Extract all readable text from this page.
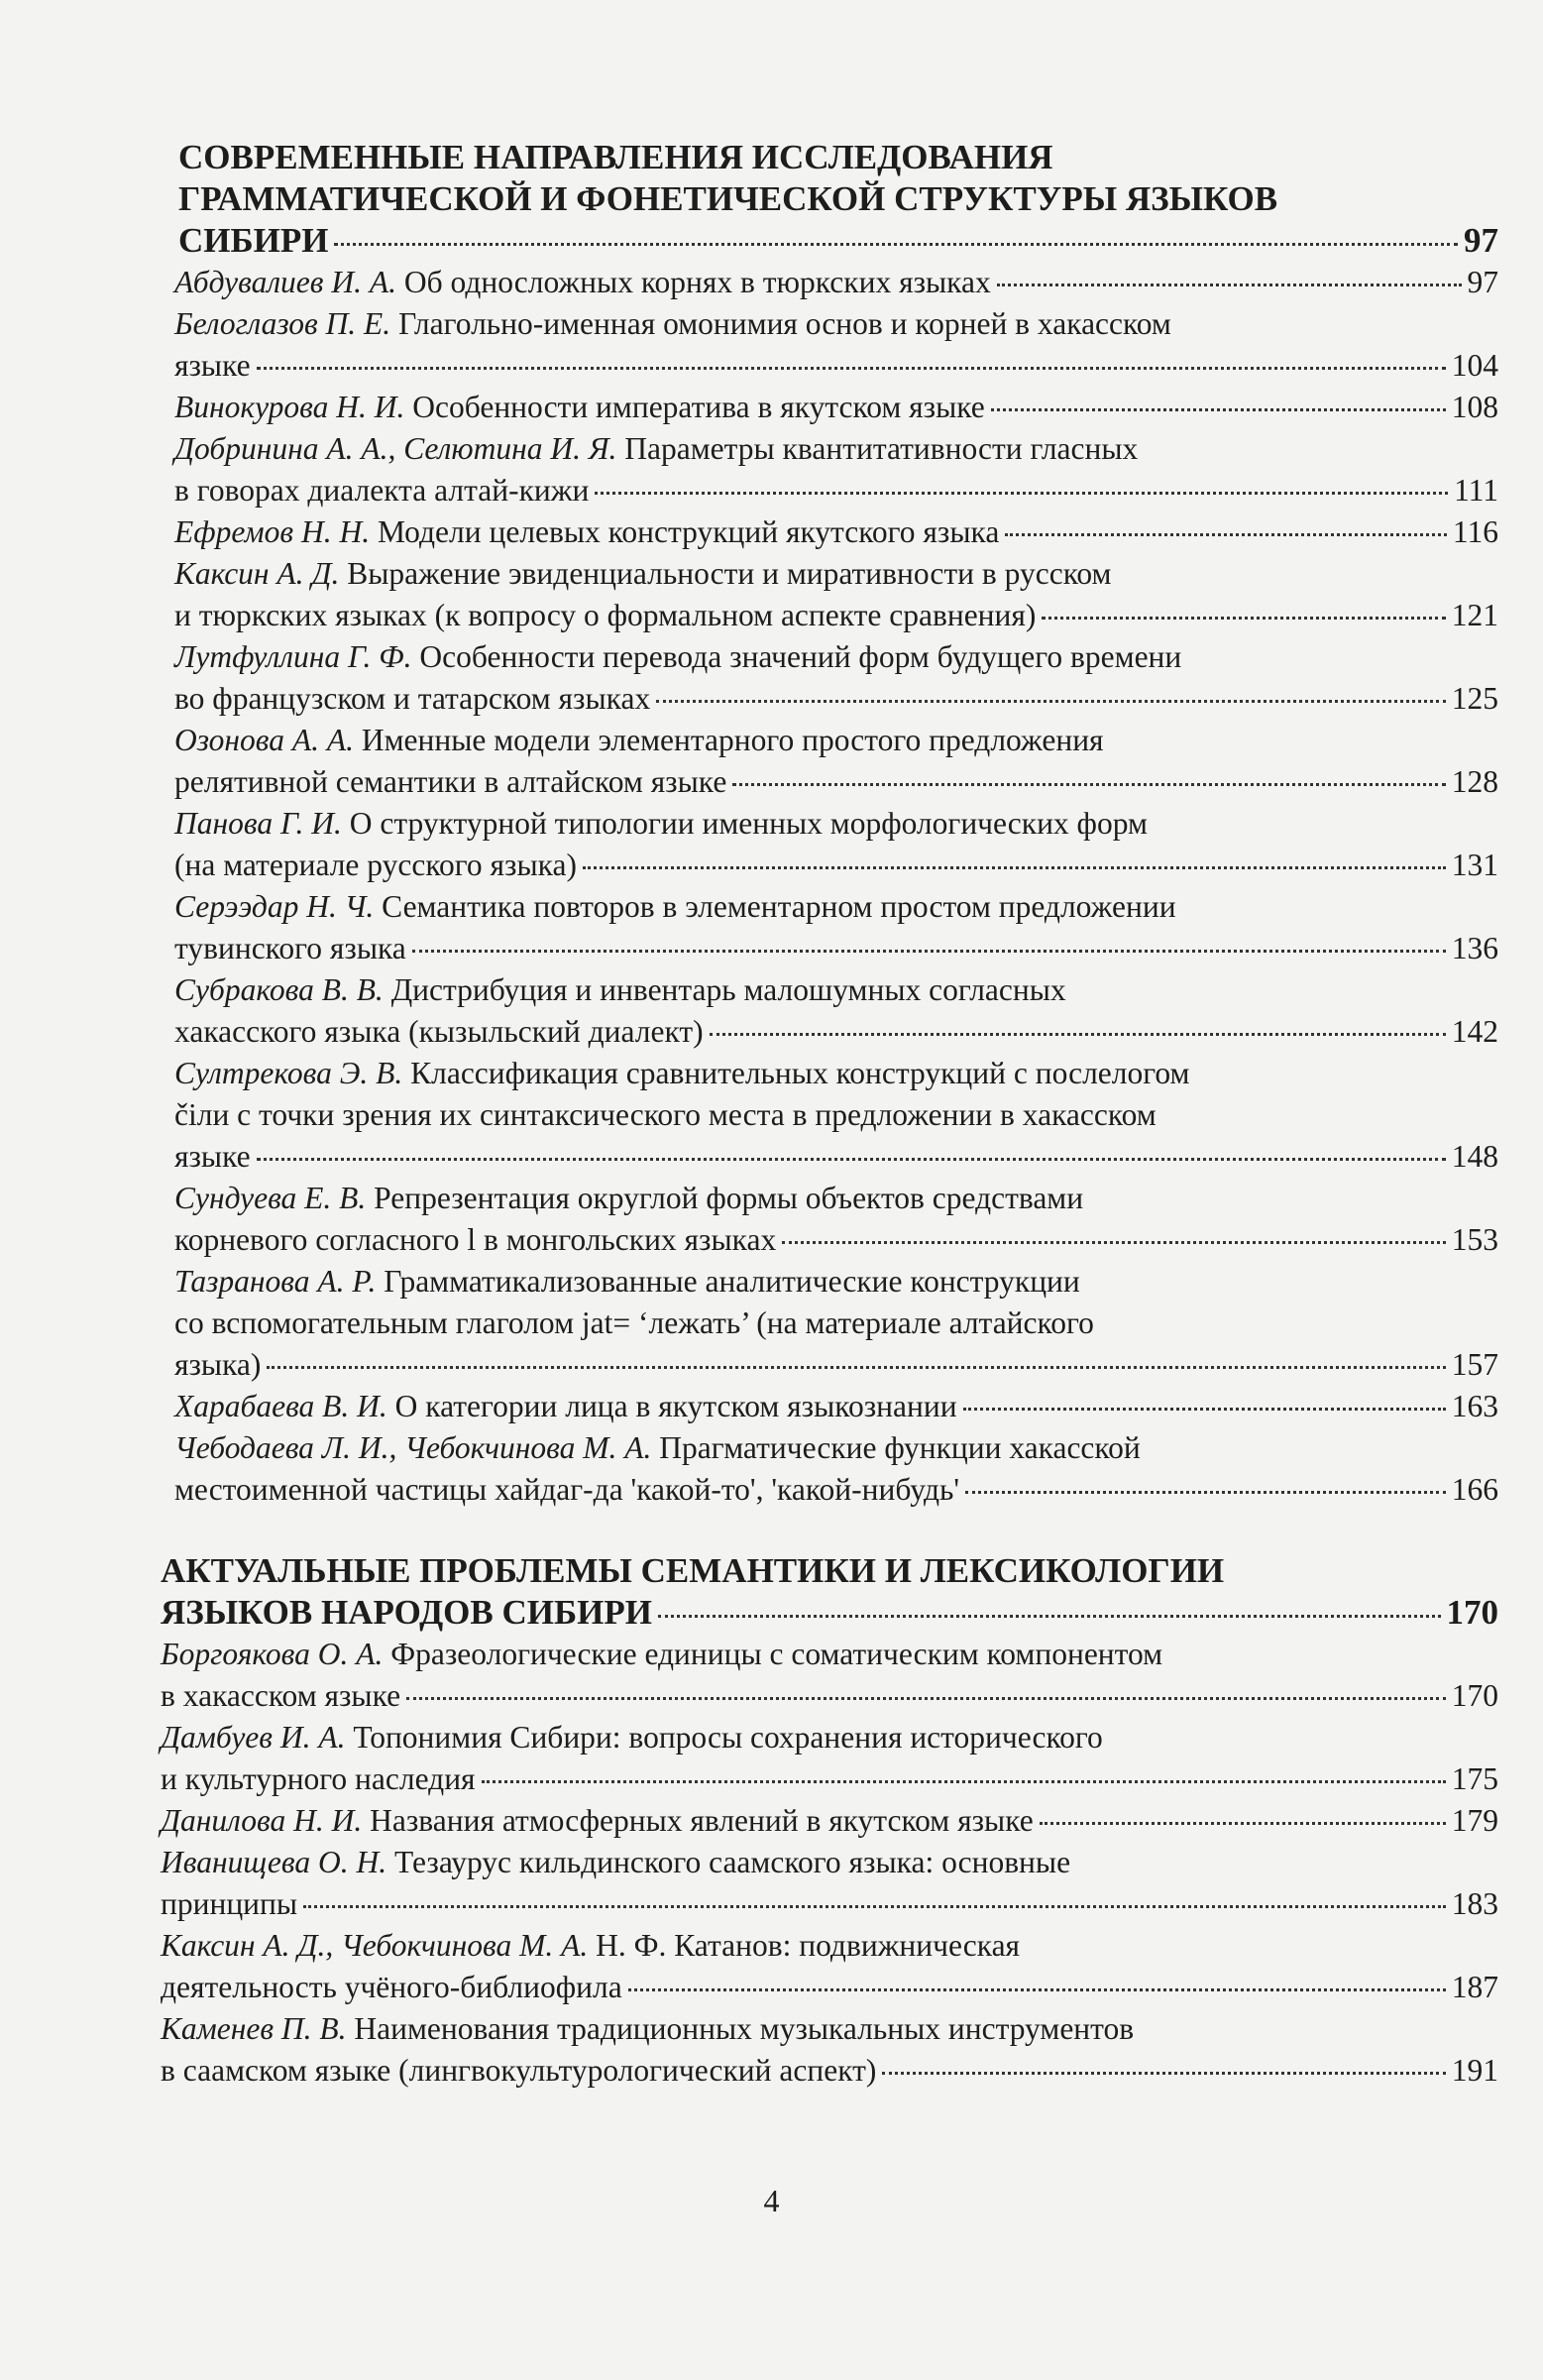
СОВРЕМЕННЫЕ НАПРАВЛЕНИЯ ИССЛЕДОВАНИЯ
ГРАММАТИЧЕСКОЙ И ФОНЕТИЧЕСКОЙ СТРУКТУРЫ ЯЗЫКОВ
СИБИРИ	97
Абдувалиев И. А. Об односложных корнях в тюркских языках	97
Белоглазов П. Е. Глагольно-именная омонимия основ и корней в хакасском
языке	104
Винокурова Н. И. Особенности императива в якутском языке	108
Добринина А. А., Селютина И. Я. Параметры квантитативности гласных
в говорах диалекта алтай-кижи	111
Ефремов Н. Н. Модели целевых конструкций якутского языка	116
Каксин А. Д. Выражение эвиденциальности и миративности в русском
и тюркских языках (к вопросу о формальном аспекте сравнения)	121
Лутфуллина Г. Ф. Особенности перевода значений форм будущего времени
во французском и татарском языках	125
Озонова А. А. Именные модели элементарного простого предложения
релятивной семантики в алтайском языке	128
Панова Г. И. О структурной типологии именных морфологических форм
(на материале русского языка)	131
Серээдар Н. Ч. Семантика повторов в элементарном простом предложении
тувинского языка	136
Субракова В. В. Дистрибуция и инвентарь малошумных согласных
хакасского языка (кызыльский диалект)	142
Султрекова Э. В. Классификация сравнительных конструкций с послелогом
čiли с точки зрения их синтаксического места в предложении в хакасском
языке	148
Сундуева Е. В. Репрезентация округлой формы объектов средствами
корневого согласного l в монгольских языках	153
Тазранова А. Р. Грамматикализованные аналитические конструкции
со вспомогательным глаголом jat= ‘лежать’ (на материале алтайского
языка)	157
Харабаева В. И. О категории лица в якутском языкознании	163
Чебодаева Л. И., Чебокчинова М. А. Прагматические функции хакасской
местоименной частицы хайдаг-да 'какой-то', 'какой-нибудь'	166
АКТУАЛЬНЫЕ ПРОБЛЕМЫ СЕМАНТИКИ И ЛЕКСИКОЛОГИИ
ЯЗЫКОВ НАРОДОВ СИБИРИ	170
Боргоякова О. А. Фразеологические единицы с соматическим компонентом
в хакасском языке	170
Дамбуев И. А. Топонимия Сибири: вопросы сохранения исторического
и культурного наследия	175
Данилова Н. И. Названия атмосферных явлений в якутском языке	179
Иванищева О. Н. Тезаурус кильдинского саамского языка: основные
принципы	183
Каксин А. Д., Чебокчинова М. А. Н. Ф. Катанов: подвижническая
деятельность учёного-библиофила	187
Каменев П. В. Наименования традиционных музыкальных инструментов
в саамском языке (лингвокультурологический аспект)	191
4
